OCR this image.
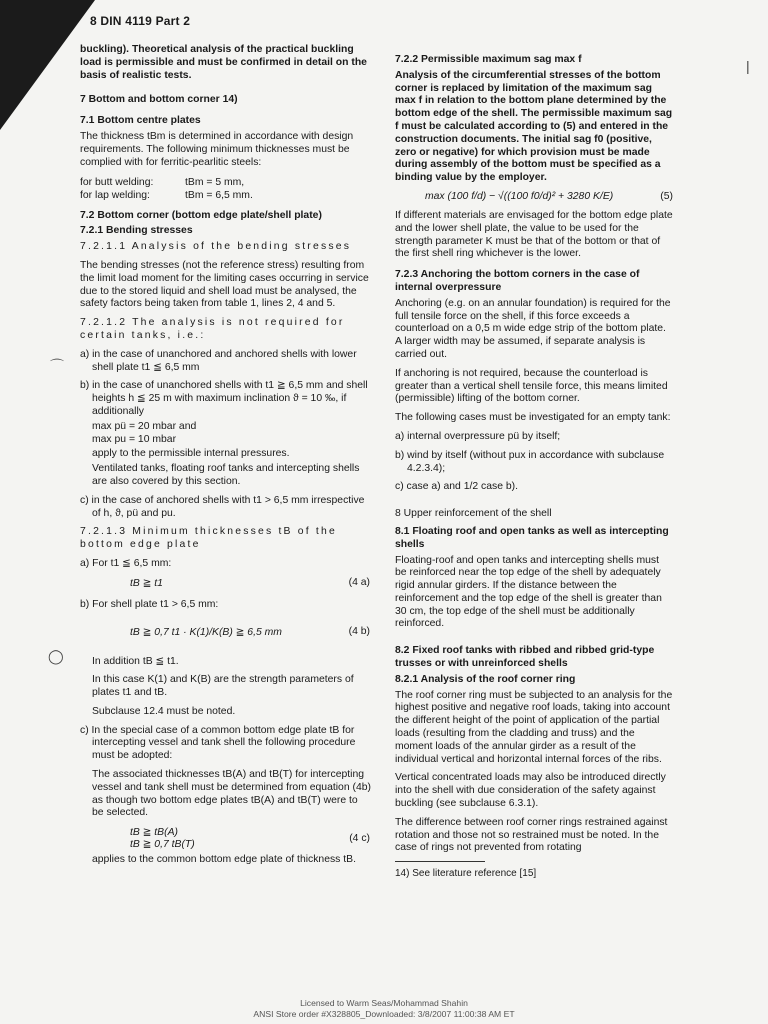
8 DIN 4119 Part 2

buckling). Theoretical analysis of the practical buckling load is permissible and must be confirmed in detail on the basis of realistic tests.

7 Bottom and bottom corner 14)

7.1 Bottom centre plates

The thickness tBm is determined in accordance with design requirements. The following minimum thicknesses must be complied with for ferritic-pearlitic steels:

for butt welding:	tBm = 5 mm,
for lap welding:	tBm = 6,5 mm.

7.2 Bottom corner (bottom edge plate/shell plate)

7.2.1 Bending stresses

7.2.1.1 Analysis of the bending stresses

The bending stresses (not the reference stress) resulting from the limit load moment for the limiting cases occurring in service due to the stored liquid and shell load must be analysed, the safety factors being taken from table 1, lines 2, 4 and 5.

7.2.1.2 The analysis is not required for certain tanks, i.e.:

a) in the case of unanchored and anchored shells with lower shell plate t1 ≦ 6,5 mm

b) in the case of unanchored shells with t1 ≧ 6,5 mm and shell heights h ≦ 25 m with maximum inclination ϑ = 10 ‰, if additionally

max pü = 20 mbar and

max pu = 10 mbar

apply to the permissible internal pressures.

Ventilated tanks, floating roof tanks and intercepting shells are also covered by this section.

c) in the case of anchored shells with t1 > 6,5 mm irrespective of h, ϑ, pü and pu.

7.2.1.3 Minimum thicknesses tB of the bottom edge plate

a) For t1 ≦ 6,5 mm:

tB ≧ t1	(4 a)

b) For shell plate t1 > 6,5 mm:

tB ≧ 0,7 t1 · K(1)/K(B) ≧ 6,5 mm	(4 b)

In addition tB ≦ t1.

In this case K(1) and K(B) are the strength parameters of plates t1 and tB.

Subclause 12.4 must be noted.

c) In the special case of a common bottom edge plate tB for intercepting vessel and tank shell the following procedure must be adopted:

The associated thicknesses tB(A) and tB(T) for intercepting vessel and tank shell must be determined from equation (4b) as though two bottom edge plates tB(A) and tB(T) were to be selected.

tB ≧ tB(A)
tB ≧ 0,7 tB(T)
(4 c)

applies to the common bottom edge plate of thickness tB.

7.2.2 Permissible maximum sag max f

Analysis of the circumferential stresses of the bottom corner is replaced by limitation of the maximum sag max f in relation to the bottom plane determined by the bottom edge of the shell. The permissible maximum sag f must be calculated according to (5) and entered in the construction documents. The initial sag f0 (positive, zero or negative) for which provision must be made during assembly of the bottom must be specified as a binding value by the employer.

max (100 f/d) − √((100 f0/d)² + 3280 K/E)	(5)

If different materials are envisaged for the bottom edge plate and the lower shell plate, the value to be used for the strength parameter K must be that of the bottom or that of the first shell ring whichever is the lower.

7.2.3 Anchoring the bottom corners in the case of internal overpressure

Anchoring (e.g. on an annular foundation) is required for the full tensile force on the shell, if this force exceeds a counterload on a 0,5 m wide edge strip of the bottom plate. A larger width may be assumed, if separate analysis is carried out.

If anchoring is not required, because the counterload is greater than a vertical shell tensile force, this means limited (permissible) lifting of the bottom corner.

The following cases must be investigated for an empty tank:

a) internal overpressure pü by itself;

b) wind by itself (without pux in accordance with subclause 4.2.3.4);

c) case a) and 1/2 case b).

8 Upper reinforcement of the shell

8.1 Floating roof and open tanks as well as intercepting shells

Floating-roof and open tanks and intercepting shells must be reinforced near the top edge of the shell by adequately rigid annular girders. If the distance between the reinforcement and the top edge of the shell is greater than 30 cm, the top edge of the shell must be additionally reinforced.

8.2 Fixed roof tanks with ribbed and ribbed grid-type trusses or with unreinforced shells

8.2.1 Analysis of the roof corner ring

The roof corner ring must be subjected to an analysis for the highest positive and negative roof loads, taking into account the different height of the point of application of the partial loads (resulting from the cladding and truss) and the moment loads of the annular girder as a result of the individual vertical and horizontal internal forces of the ribs.

Vertical concentrated loads may also be introduced directly into the shell with due consideration of the safety against buckling (see subclause 6.3.1).

The difference between roof corner rings restrained against rotation and those not so restrained must be noted. In the case of rings not prevented from rotating

14) See literature reference [15]
⌒
◯
|
Licensed to Warm Seas/Mohammad Shahin
ANSI Store order #X328805_Downloaded: 3/8/2007 11:00:38 AM ET
